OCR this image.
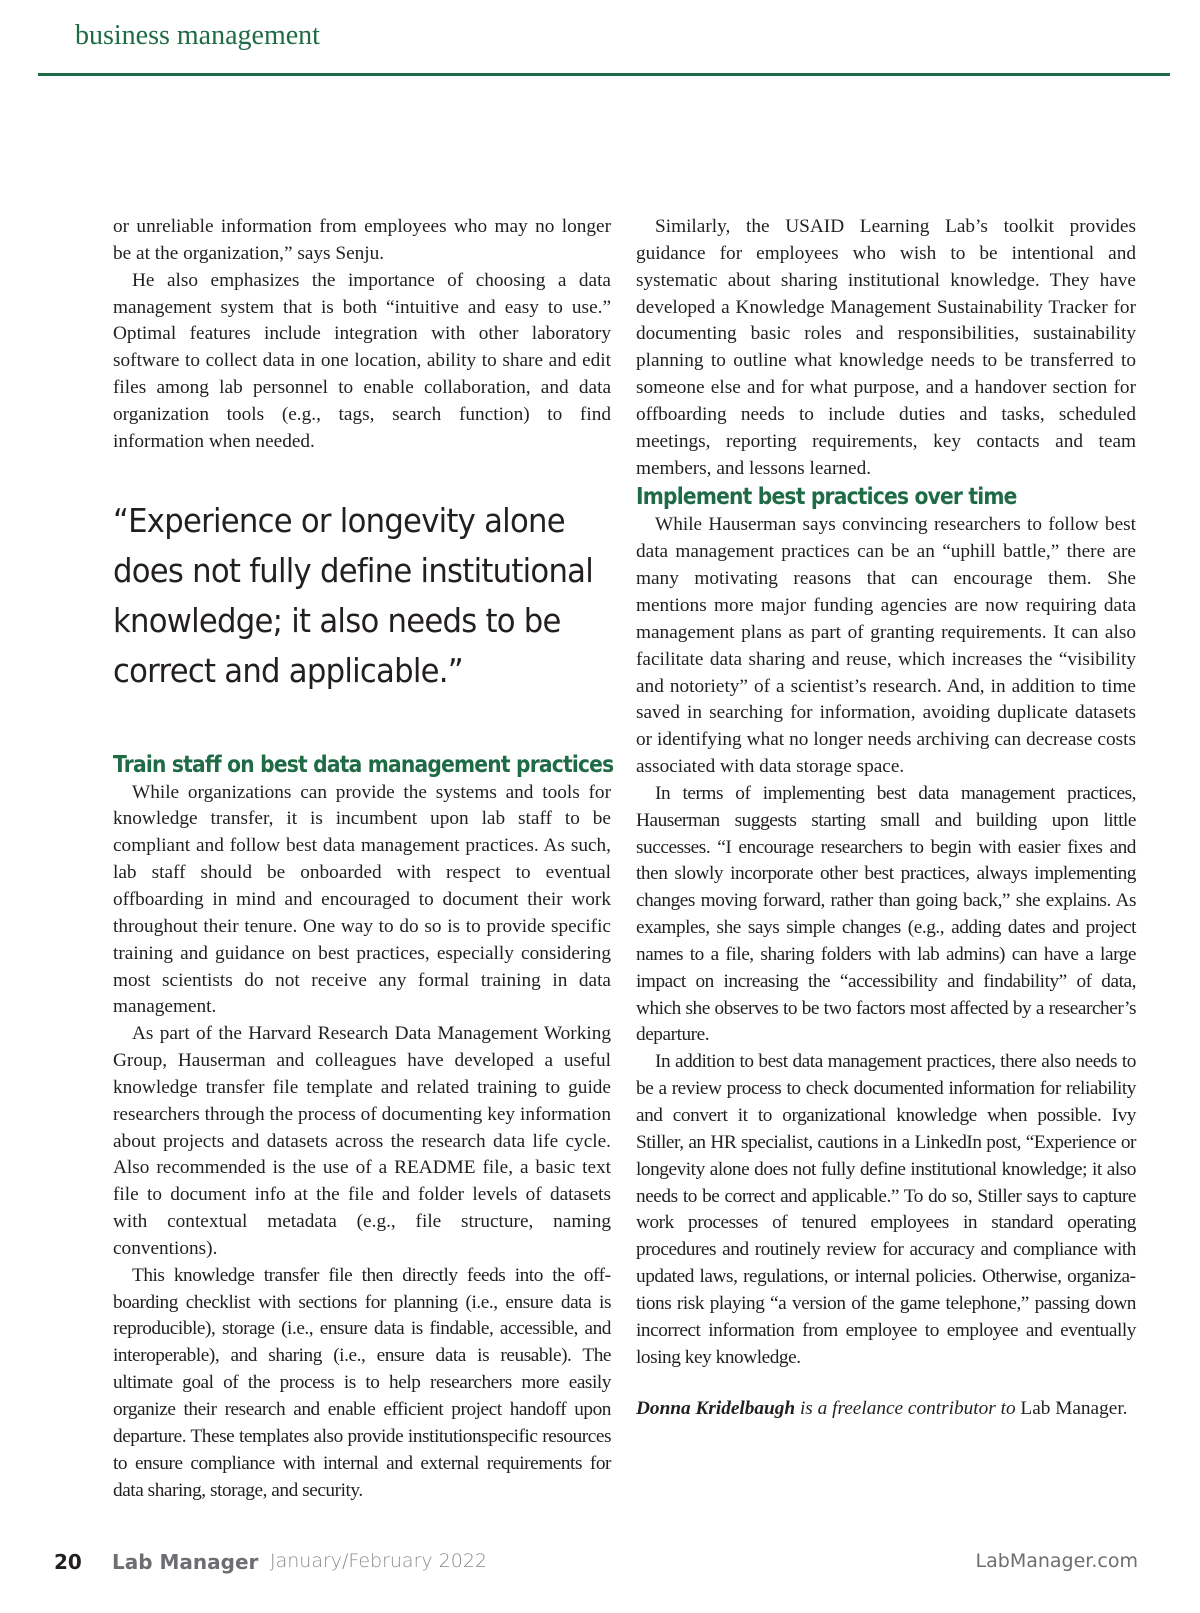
business management

or unreliable information from employees who may no longer be at the organization,” says Senju.

He also emphasizes the importance of choosing a data management system that is both “intuitive and easy to use.” Optimal features include integration with other laboratory software to collect data in one location, ability to share and edit files among lab personnel to enable collaboration, and data organization tools (e.g., tags, search function) to find information when needed.

“Experience or longevity alone does not fully define institutional knowledge; it also needs to be correct and applicable.”
Train staff on best data management practices

While organizations can provide the systems and tools for knowledge transfer, it is incumbent upon lab staff to be compliant and follow best data management practices. As such, lab staff should be onboarded with respect to eventual offboarding in mind and encouraged to document their work throughout their tenure. One way to do so is to provide specific training and guidance on best practices, especially considering most scientists do not receive any formal training in data management.

As part of the Harvard Research Data Management Working Group, Hauserman and colleagues have developed a useful knowledge transfer file template and related training to guide researchers through the process of documenting key information about projects and datasets across the research data life cycle. Also recommended is the use of a README file, a basic text file to document info at the file and folder levels of datasets with contextual metadata (e.g., file structure, naming conventions).

This knowledge transfer file then directly feeds into the offboarding checklist with sections for planning (i.e., ensure data is reproducible), storage (i.e., ensure data is findable, accessible, and interoperable), and sharing (i.e., ensure data is reusable). The ultimate goal of the process is to help researchers more easily organize their research and enable efficient project handoff upon departure. These templates also provide institutionspecific resources to ensure compliance with internal and external requirements for data sharing, storage, and security.

Similarly, the USAID Learning Lab’s toolkit provides guidance for employees who wish to be intentional and systematic about sharing institutional knowledge. They have developed a Knowledge Management Sustainability Tracker for documenting basic roles and responsibilities, sustainability planning to outline what knowledge needs to be transferred to someone else and for what purpose, and a handover section for offboarding needs to include duties and tasks, scheduled meetings, reporting requirements, key contacts and team members, and lessons learned.

Implement best practices over time

While Hauserman says convincing researchers to follow best data management practices can be an “uphill battle,” there are many motivating reasons that can encourage them. She mentions more major funding agencies are now requiring data management plans as part of granting requirements. It can also facilitate data sharing and reuse, which increases the “visibility and notoriety” of a scientist’s research. And, in addition to time saved in searching for information, avoiding duplicate datasets or identifying what no longer needs archiving can decrease costs associated with data storage space.

In terms of implementing best data management practices, Hauserman suggests starting small and building upon little successes. “I encourage researchers to begin with easier fixes and then slowly incorporate other best practices, always implementing changes moving forward, rather than going back,” she explains. As examples, she says simple changes (e.g., adding dates and project names to a file, sharing folders with lab admins) can have a large impact on increasing the “accessibility and findability” of data, which she observes to be two factors most affected by a researcher’s departure.

In addition to best data management practices, there also needs to be a review process to check documented information for reliability and convert it to organizational knowledge when possible. Ivy Stiller, an HR specialist, cautions in a LinkedIn post, “Experience or longevity alone does not fully define institutional knowledge; it also needs to be correct and applicable.” To do so, Stiller says to capture work processes of tenured employees in standard operating procedures and routinely review for accuracy and compliance with updated laws, regulations, or internal policies. Otherwise, organizations risk playing “a version of the game telephone,” passing down incorrect information from employee to employee and eventually losing key knowledge.

Donna Kridelbaugh is a freelance contributor to Lab Manager.
20 Lab Manager January/February 2022	LabManager.com
